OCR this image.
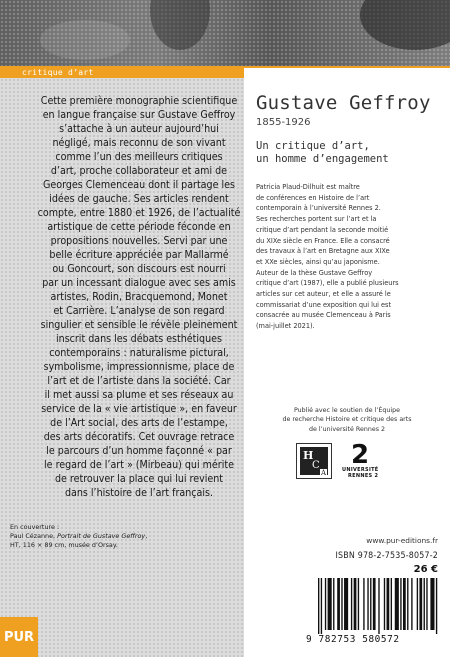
critique d’art
Cette première monographie scientifique
en langue française sur Gustave Geffroy
s’attache à un auteur aujourd’hui
négligé, mais reconnu de son vivant
comme l’un des meilleurs critiques
d’art, proche collaborateur et ami de
Georges Clemenceau dont il partage les
idées de gauche. Ses articles rendent
compte, entre 1880 et 1926, de l’actualité
artistique de cette période féconde en
propositions nouvelles. Servi par une
belle écriture appréciée par Mallarmé
ou Goncourt, son discours est nourri
par un incessant dialogue avec ses amis
artistes, Rodin, Bracquemond, Monet
et Carrière. L’analyse de son regard
singulier et sensible le révèle pleinement
inscrit dans les débats esthétiques
contemporains : naturalisme pictural,
symbolisme, impressionnisme, place de
l’art et de l’artiste dans la société. Car
il met aussi sa plume et ses réseaux au
service de la « vie artistique », en faveur
de l’Art social, des arts de l’estampe,
des arts décoratifs. Cet ouvrage retrace
le parcours d’un homme façonné « par
le regard de l’art » (Mirbeau) qui mérite
de retrouver la place qui lui revient
dans l’histoire de l’art français.
En couverture :
Paul Cézanne, Portrait de Gustave Geffroy,
HT, 116 × 89 cm, musée d’Orsay.
PUR
Gustave Geffroy
1855-1926
Un critique d’art,
un homme d’engagement
Patricia Plaud-Dilhuit est maître
de conférences en Histoire de l’art
contemporain à l’université Rennes 2.
Ses recherches portent sur l’art et la
critique d’art pendant la seconde moitié
du XIXe siècle en France. Elle a consacré
des travaux à l’art en Bretagne aux XIXe
et XXe siècles, ainsi qu’au japonisme.
Auteur de la thèse Gustave Geffroy
critique d’art (1987), elle a publié plusieurs
articles sur cet auteur, et elle a assuré le
commissariat d’une exposition qui lui est
consacrée au musée Clemenceau à Paris
(mai-juillet 2021).
Publié avec le soutien de l’Équipe
de recherche Histoire et critique des arts
de l’université Rennes 2
H
C
A
2
UNIVERSITÉ
RENNES 2
www.pur-editions.fr
ISBN 978-2-7535-8057-2
26 €
9 782753 580572
